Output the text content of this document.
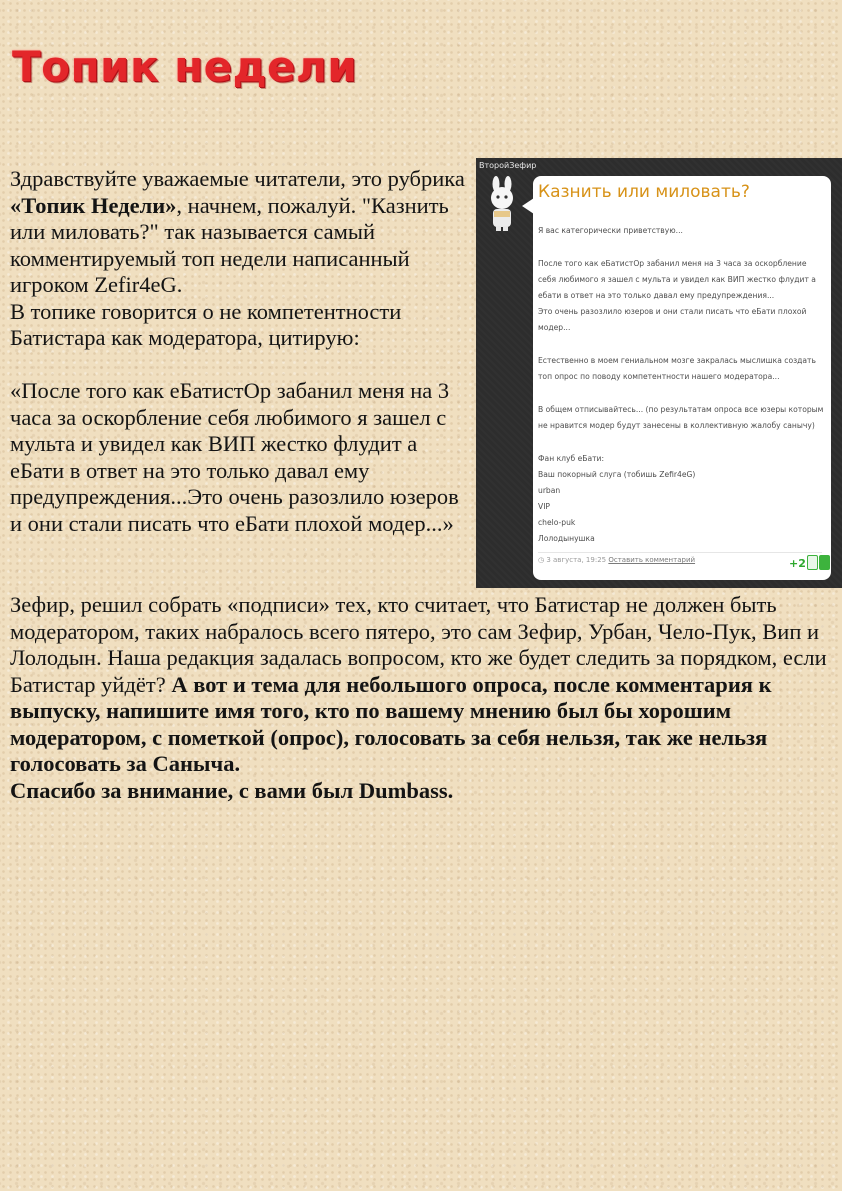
Топик недели

Здравствуйте уважаемые читатели, это рубрика «Топик Недели», начнем, пожалуй. "Казнить или миловать?" так называется самый комментируемый топ недели написанный игроком Zefir4eG.

В топике говорится о не компетентности Батистара как модератора, цитирую:

«После того как еБатистОр забанил меня на 3 часа за оскорбление себя любимого я зашел с мульта и увидел как ВИП жестко флудит а еБати в ответ на это только давал ему предупреждения...Это очень разозлило юзеров и они стали писать что еБати плохой модер...»

ВторойЗефир
Казнить или миловать?

Я вас категорически приветствую...

После того как еБатистОр забанил меня на 3 часа за оскорбление себя любимого я зашел с мульта и увидел как ВИП жестко флудит а ебати в ответ на это только давал ему предупреждения...

Это очень разозлило юзеров и они стали писать что еБати плохой модер...

Естественно в моем гениальном мозге закралась мыслишка создать топ опрос по поводу компетентности нашего модератора...

В общем отписывайтесь... (по результатам опроса все юзеры которым не нравится модер будут занесены в коллективную жалобу санычу)

Фан клуб еБати:

Ваш покорный слуга (тобишь Zefir4eG)

urban

VIP

chelo-puk

Лолодынушка

◷ 3 августа, 19:25 Оставить комментарий	+2

Зефир, решил собрать «подписи» тех, кто считает, что Батистар не должен быть модератором, таких набралось всего пятеро, это сам Зефир, Урбан, Чело-Пук, Вип и Лолодын. Наша редакция задалась вопросом, кто же будет следить за порядком, если Батистар уйдёт? А вот и тема для небольшого опроса, после комментария к выпуску, напишите имя того, кто по вашему мнению был бы хорошим модератором, с пометкой (опрос), голосовать за себя нельзя, так же нельзя голосовать за Саныча.

Спасибо за внимание, с вами был Dumbass.
